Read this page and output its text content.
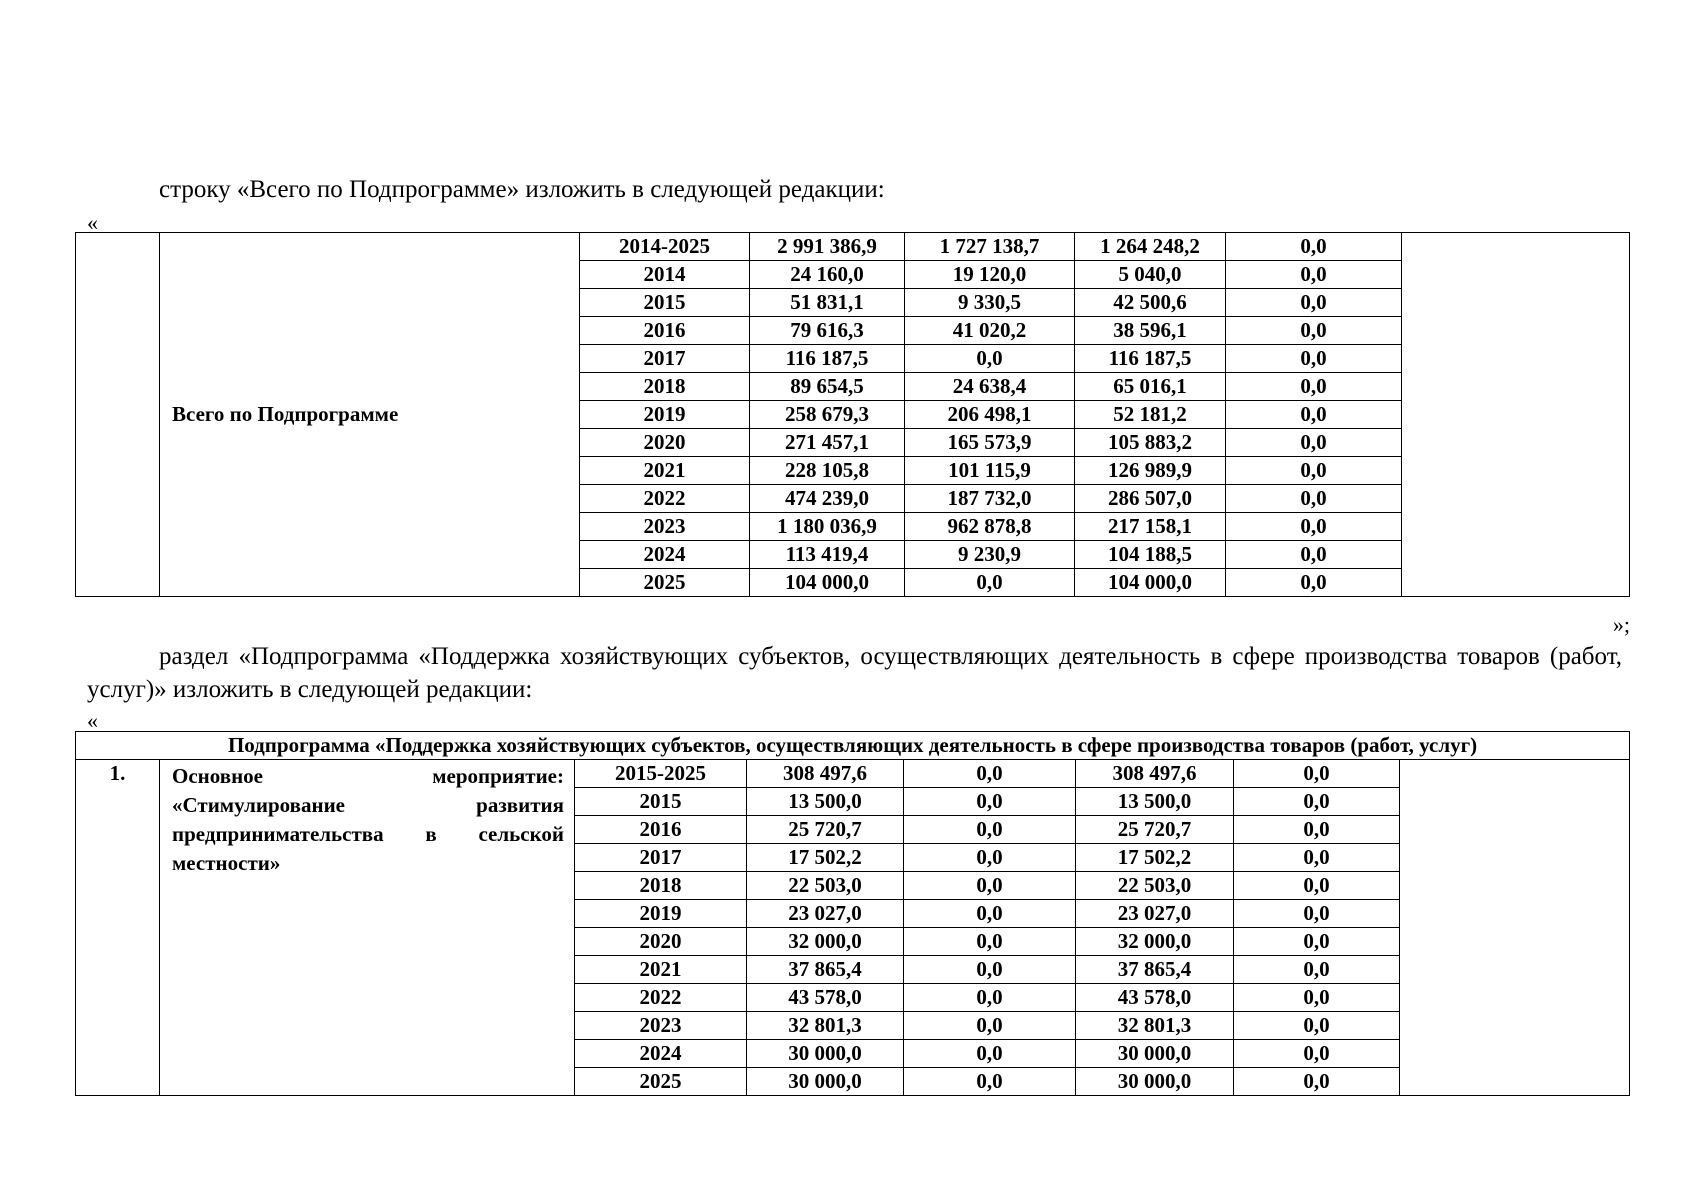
строку «Всего по Подпрограмме» изложить в следующей редакции:

«
	Всего по Подпрограмме	2014-2025	2 991 386,9	1 727 138,7	1 264 248,2	0,0	
		2014	24 160,0	19 120,0	5 040,0	0,0	
		2015	51 831,1	9 330,5	42 500,6	0,0	
		2016	79 616,3	41 020,2	38 596,1	0,0	
		2017	116 187,5	0,0	116 187,5	0,0	
		2018	89 654,5	24 638,4	65 016,1	0,0	
		2019	258 679,3	206 498,1	52 181,2	0,0	
		2020	271 457,1	165 573,9	105 883,2	0,0	
		2021	228 105,8	101 115,9	126 989,9	0,0	
		2022	474 239,0	187 732,0	286 507,0	0,0	
		2023	1 180 036,9	962 878,8	217 158,1	0,0	
		2024	113 419,4	9 230,9	104 188,5	0,0	
		2025	104 000,0	0,0	104 000,0	0,0	
»;

раздел «Подпрограмма «Поддержка хозяйствующих субъектов, осуществляющих деятельность в сфере производства товаров (работ, услуг)» изложить в следующей редакции:

«
Подпрограмма «Поддержка хозяйствующих субъектов, осуществляющих деятельность в сфере производства товаров (работ, услуг)							
1.	Основное мероприятие:
«Стимулирование развития
предпринимательства в сельской
местности»	2015-2025	308 497,6	0,0	308 497,6	0,0	
		2015	13 500,0	0,0	13 500,0	0,0	
		2016	25 720,7	0,0	25 720,7	0,0	
		2017	17 502,2	0,0	17 502,2	0,0	
		2018	22 503,0	0,0	22 503,0	0,0	
		2019	23 027,0	0,0	23 027,0	0,0	
		2020	32 000,0	0,0	32 000,0	0,0	
		2021	37 865,4	0,0	37 865,4	0,0	
		2022	43 578,0	0,0	43 578,0	0,0	
		2023	32 801,3	0,0	32 801,3	0,0	
		2024	30 000,0	0,0	30 000,0	0,0	
		2025	30 000,0	0,0	30 000,0	0,0	
